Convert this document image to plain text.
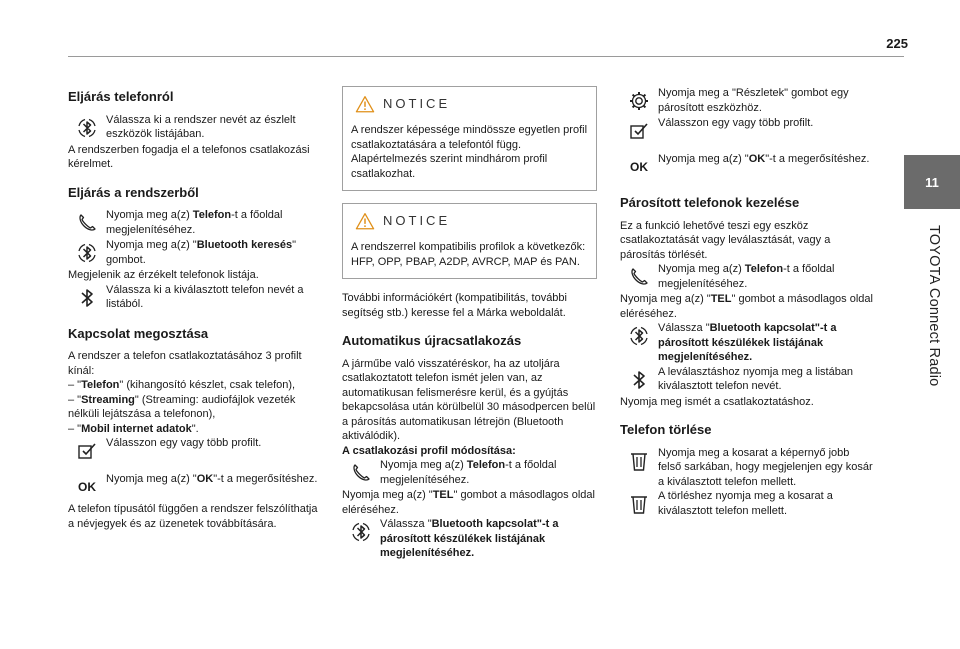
225
11
TOYOTA Connect Radio
Eljárás telefonról
Válassza ki a rendszer nevét az észlelt eszközök listájában.

A rendszerben fogadja el a telefonos csatlakozási kérelmet.

Eljárás a rendszerből
Nyomja meg a(z) Telefon-t a főoldal megjelenítéséhez.
Nyomja meg a(z) "Bluetooth keresés" gombot.

Megjelenik az érzékelt telefonok listája.

Válassza ki a kiválasztott telefon nevét a listából.
Kapcsolat megosztása

A rendszer a telefon csatlakoztatásához 3 profilt kínál:

– "Telefon" (kihangosító készlet, csak telefon),

– "Streaming" (Streaming: audiofájlok vezeték nélküli lejátszása a telefonon),

– "Mobil internet adatok".

Válasszon egy vagy több profilt.
OK
Nyomja meg a(z) "OK"-t a megerősítéshez.

A telefon típusától függően a rendszer felszólíthatja a névjegyek és az üzenetek továbbítására.

NOTICE

A rendszer képessége mindössze egyetlen profil csatlakoztatására a telefontól függ. Alapértelmezés szerint mindhárom profil csatlakozhat.

NOTICE

A rendszerrel kompatibilis profilok a következők: HFP, OPP, PBAP, A2DP, AVRCP, MAP és PAN.

További információkért (kompatibilitás, további segítség stb.) keresse fel a Márka weboldalát.

Automatikus újracsatlakozás

A járműbe való visszatéréskor, ha az utoljára csatlakoztatott telefon ismét jelen van, az automatikusan felismerésre kerül, és a gyújtás bekapcsolása után körülbelül 30 másodpercen belül a párosítás automatikusan létrejön (Bluetooth aktiválódik).

A csatlakozási profil módosítása:

Nyomja meg a(z) Telefon-t a főoldal megjelenítéséhez.

Nyomja meg a(z) "TEL" gombot a másodlagos oldal eléréséhez.

Válassza "Bluetooth kapcsolat"-t a párosított készülékek listájának megjelenítéséhez.
Nyomja meg a "Részletek" gombot egy párosított eszközhöz.
Válasszon egy vagy több profilt.
OK
Nyomja meg a(z) "OK"-t a megerősítéshez.
Párosított telefonok kezelése

Ez a funkció lehetővé teszi egy eszköz csatlakoztatását vagy leválasztását, vagy a párosítás törlését.

Nyomja meg a(z) Telefon-t a főoldal megjelenítéséhez.

Nyomja meg a(z) "TEL" gombot a másodlagos oldal eléréséhez.

Válassza "Bluetooth kapcsolat"-t a párosított készülékek listájának megjelenítéséhez.
A leválasztáshoz nyomja meg a listában kiválasztott telefon nevét.

Nyomja meg ismét a csatlakoztatáshoz.

Telefon törlése
Nyomja meg a kosarat a képernyő jobb felső sarkában, hogy megjelenjen egy kosár a kiválasztott telefon mellett.
A törléshez nyomja meg a kosarat a kiválasztott telefon mellett.
